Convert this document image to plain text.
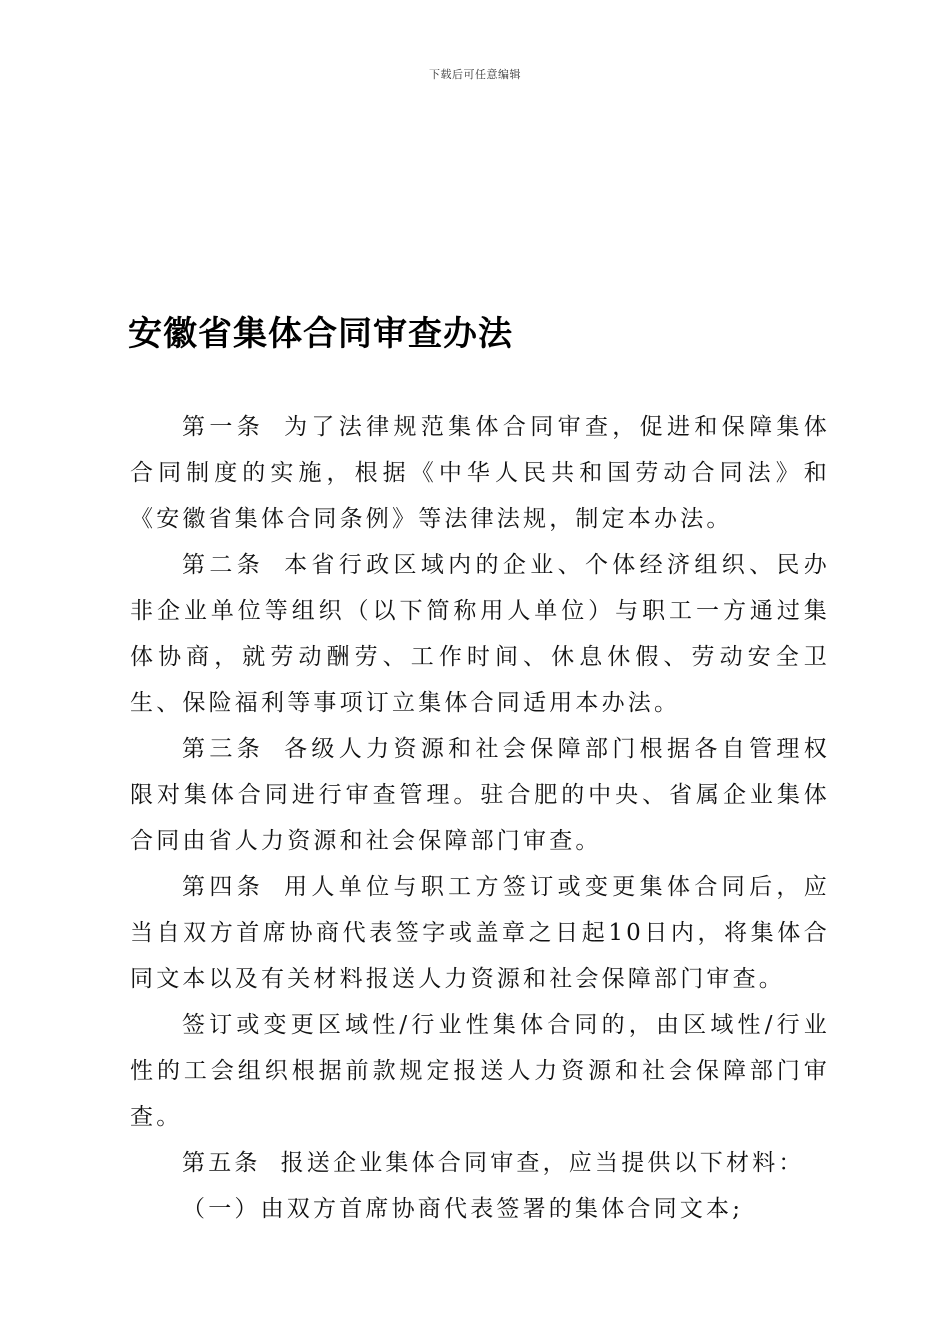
下载后可任意编辑
安徽省集体合同审查办法

第一条 为了法律规范集体合同审查，促进和保障集体合同制度的实施，根据《中华人民共和国劳动合同法》和《安徽省集体合同条例》等法律法规，制定本办法。

第二条 本省行政区域内的企业、个体经济组织、民办非企业单位等组织（以下简称用人单位）与职工一方通过集体协商，就劳动酬劳、工作时间、休息休假、劳动安全卫生、保险福利等事项订立集体合同适用本办法。

第三条 各级人力资源和社会保障部门根据各自管理权限对集体合同进行审查管理。驻合肥的中央、省属企业集体合同由省人力资源和社会保障部门审查。

第四条 用人单位与职工方签订或变更集体合同后，应当自双方首席协商代表签字或盖章之日起10日内，将集体合同文本以及有关材料报送人力资源和社会保障部门审查。

签订或变更区域性/行业性集体合同的，由区域性/行业性的工会组织根据前款规定报送人力资源和社会保障部门审查。

第五条 报送企业集体合同审查，应当提供以下材料：

（一）由双方首席协商代表签署的集体合同文本;
